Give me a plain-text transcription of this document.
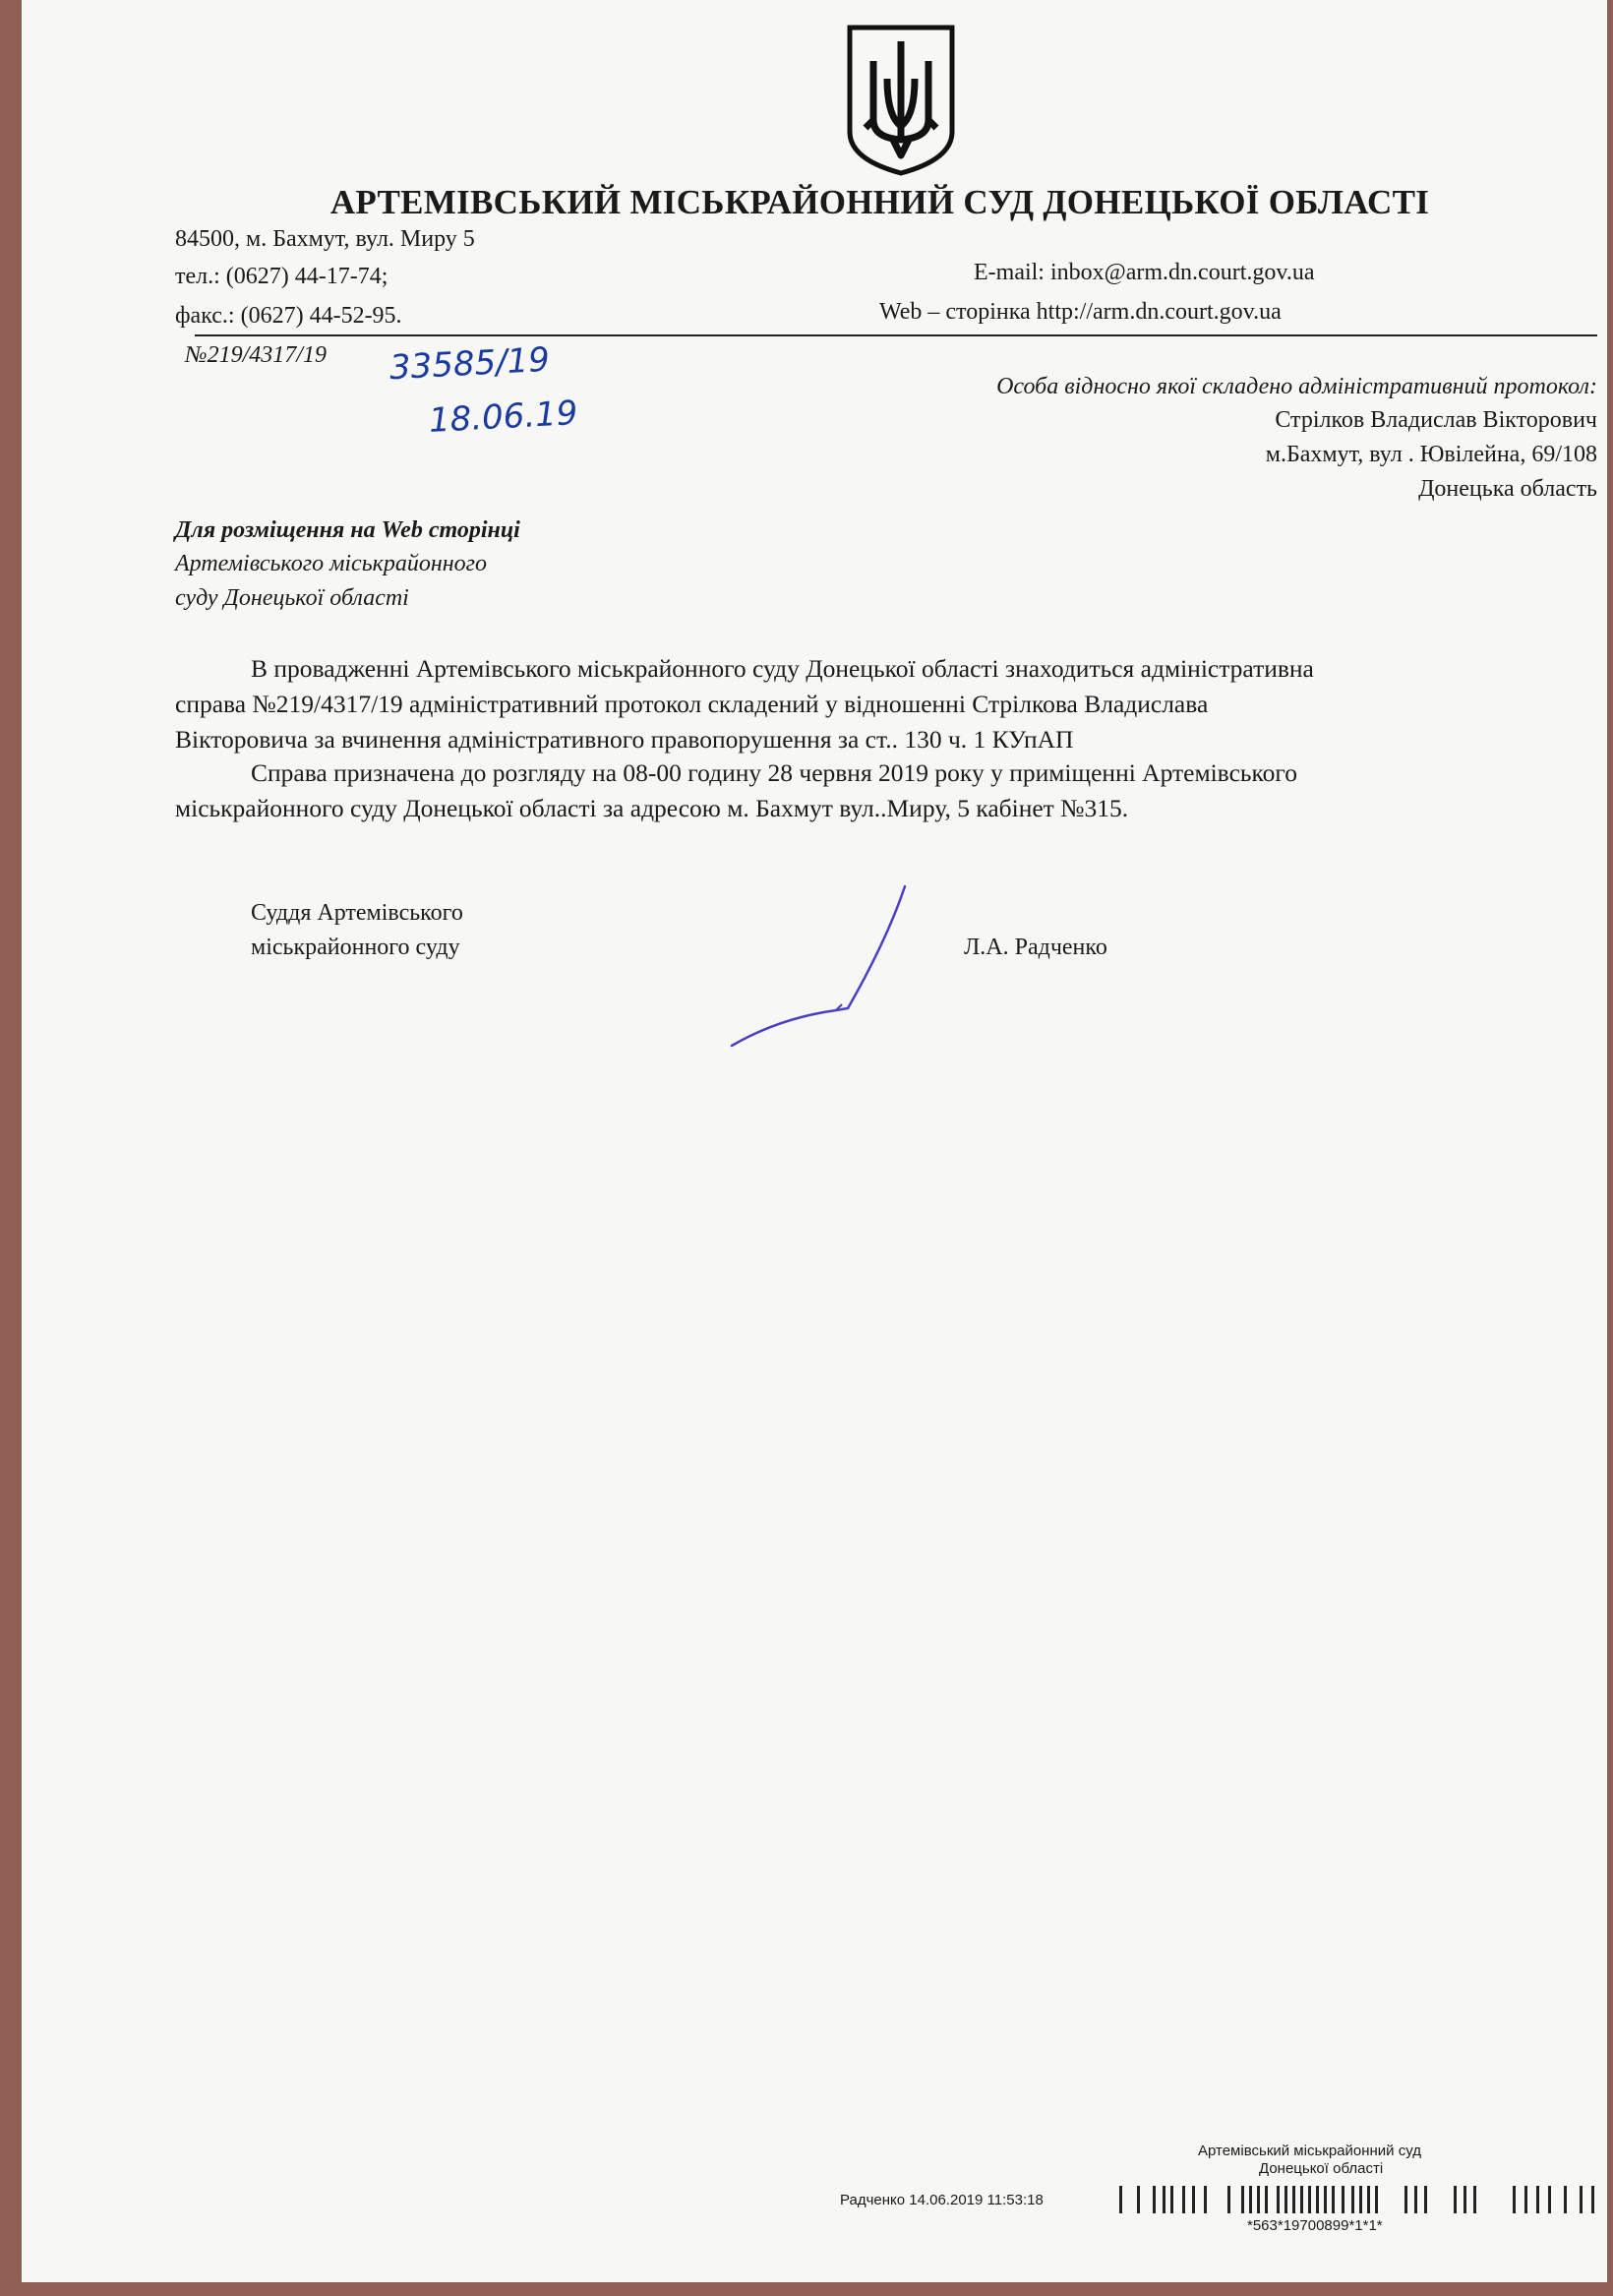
АРТЕМІВСЬКИЙ МІСЬКРАЙОННИЙ СУД ДОНЕЦЬКОЇ ОБЛАСТІ
84500, м. Бахмут, вул. Миру 5
тел.: (0627) 44-17-74;
факс.: (0627) 44-52-95.
E-mail: inbox@arm.dn.court.gov.ua
Web – сторінка http://arm.dn.court.gov.ua
№219/4317/19 33585/19
18.06.19
Особа відносно якої складено адміністративний протокол:
Стрілков Владислав Вікторович
м.Бахмут, вул . Ювілейна, 69/108
Донецька область
Для розміщення на Web сторінці
Артемівського міськрайонного
суду Донецької області
В провадженні Артемівського міськрайонного суду Донецької області знаходиться адміністративна
справа №219/4317/19 адміністративний протокол складений у відношенні Стрілкова Владислава
Вікторовича за вчинення адміністративного правопорушення за ст.. 130 ч. 1 КУпАП
Справа призначена до розгляду на 08-00 годину 28 червня 2019 року у приміщенні Артемівського
міськрайонного суду Донецької області за адресою м. Бахмут вул..Миру, 5 кабінет №315.
Суддя Артемівського
міськрайонного суду	Л.А. Радченко
Артемівський міськрайонний суд
Донецької області
Радченко 14.06.2019 11:53:18
*563*19700899*1*1*
